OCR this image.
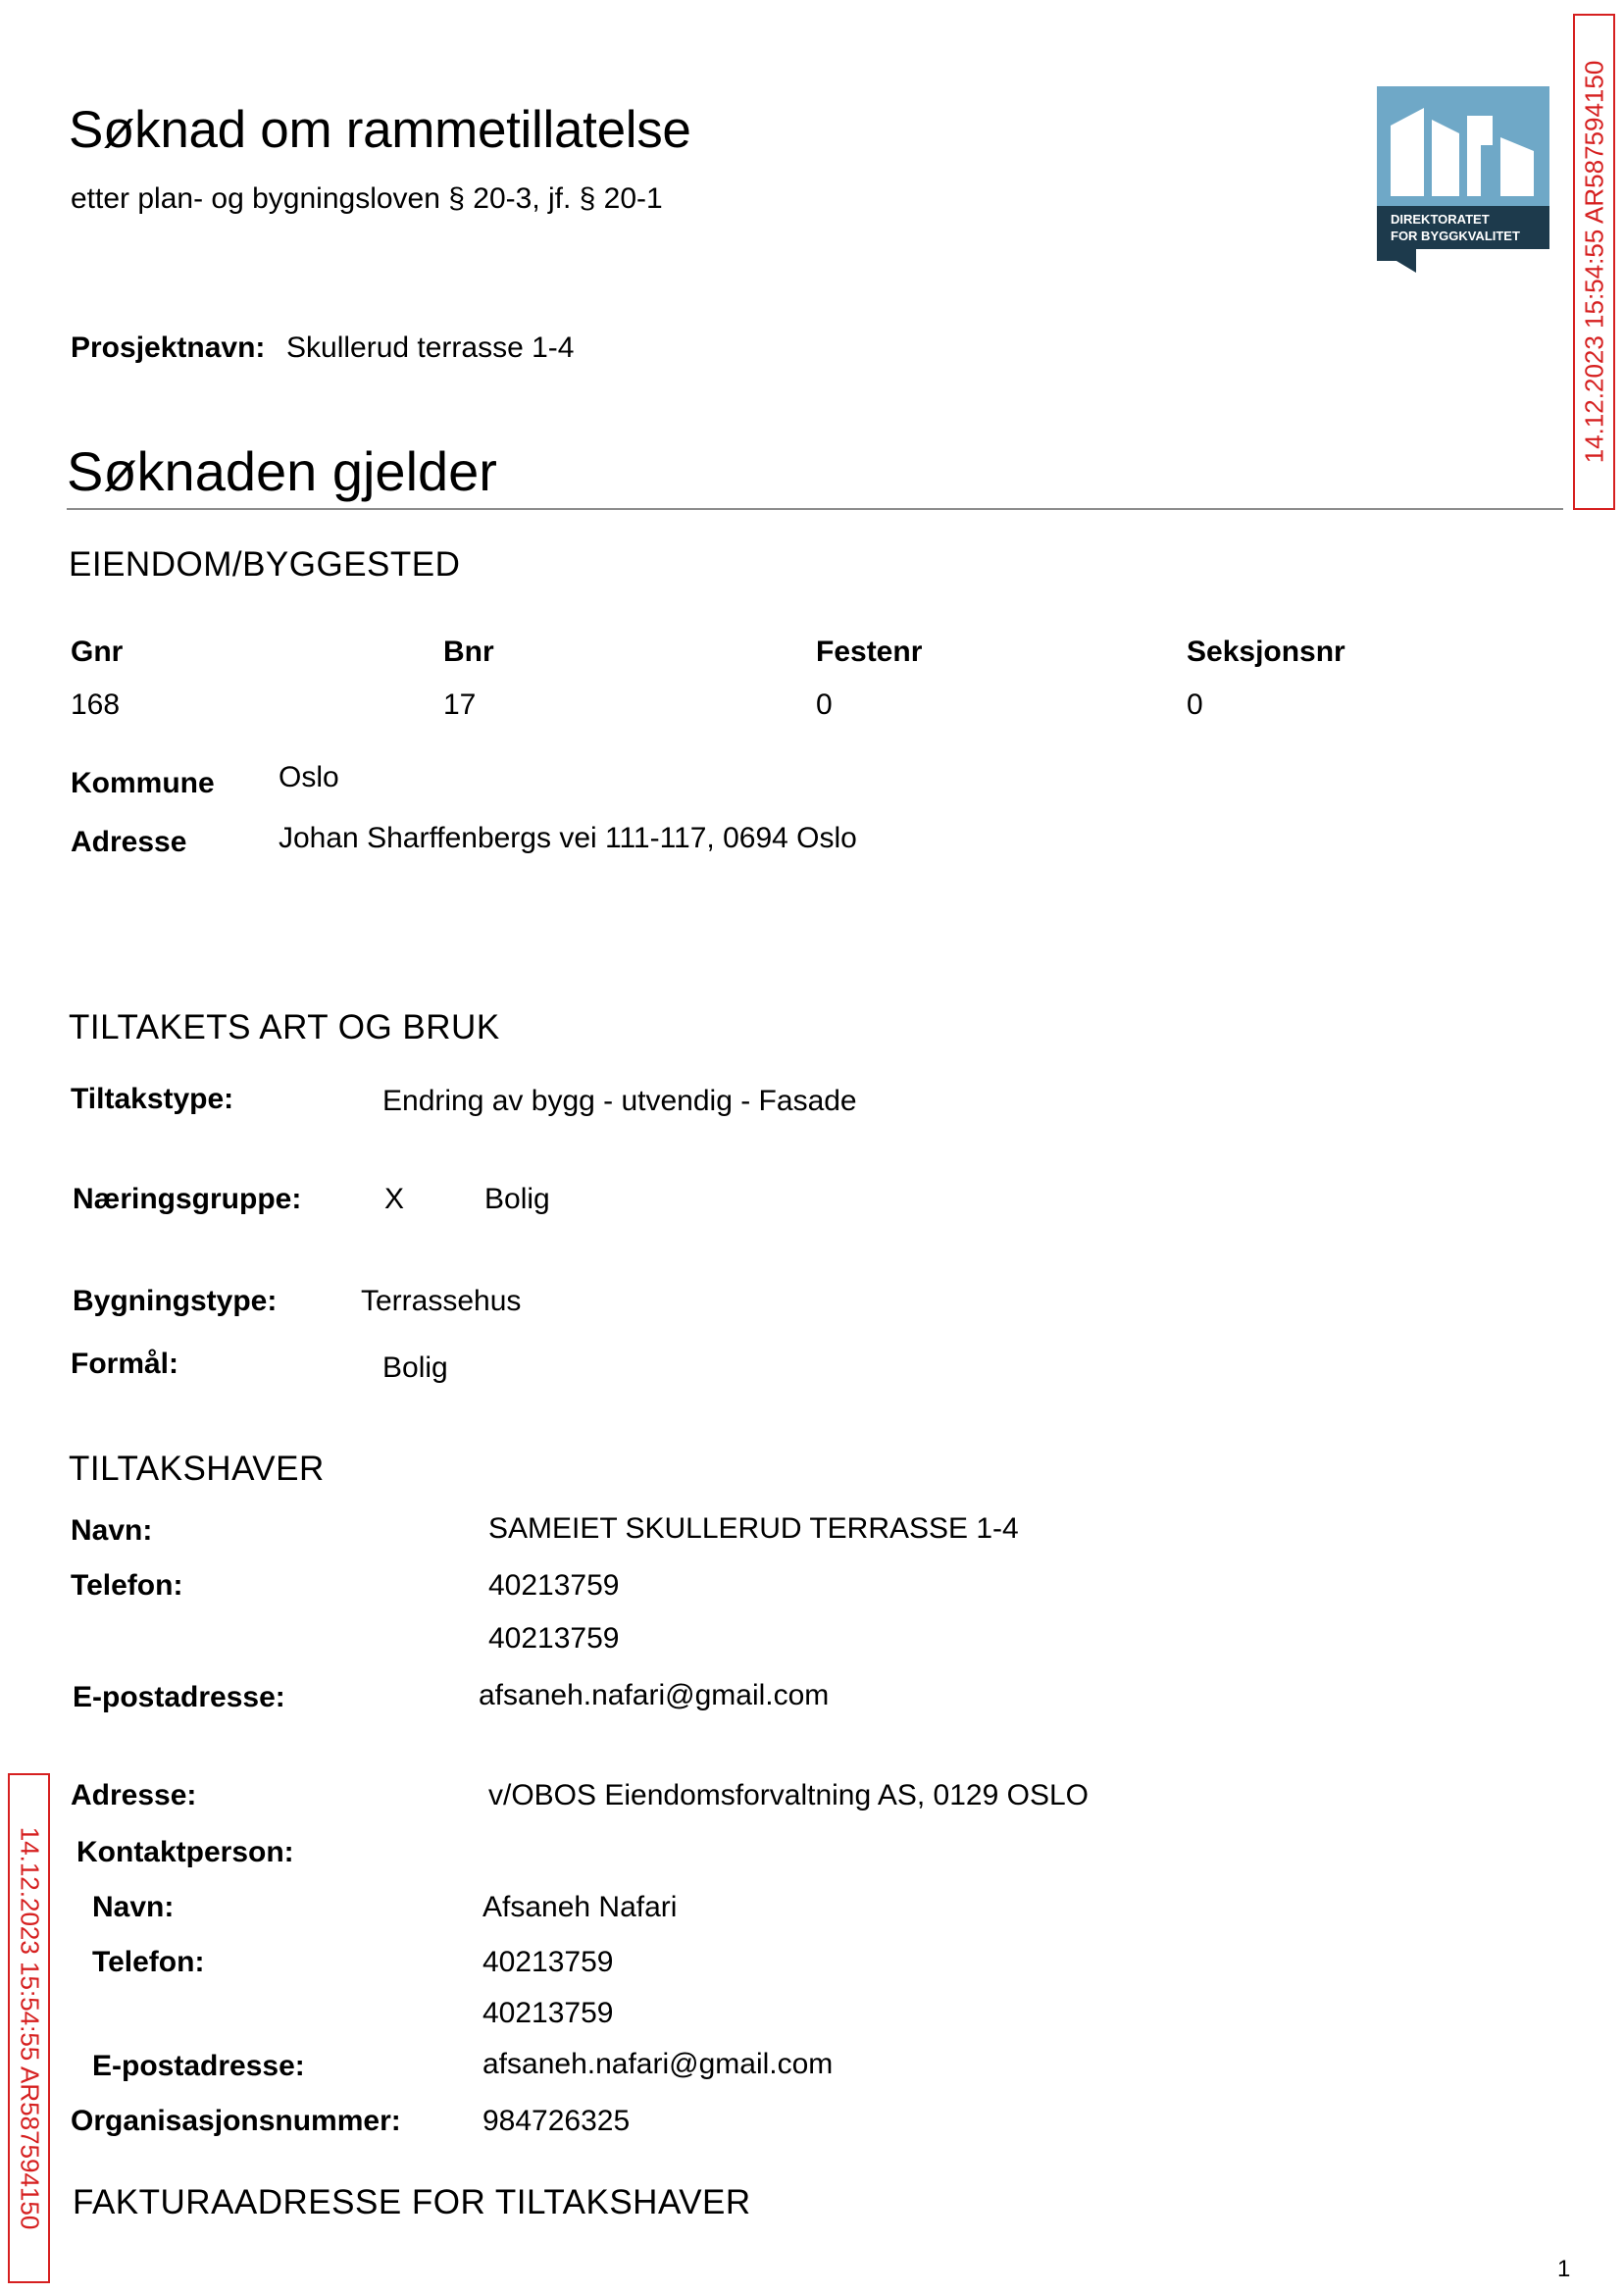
Søknad om rammetillatelse
etter plan- og bygningsloven § 20-3, jf. § 20-1
DIREKTORATET
FOR BYGGKVALITET
Prosjektnavn: Skullerud terrasse 1-4
Søknaden gjelder
EIENDOM/BYGGESTED
Gnr	Bnr	Festenr	Seksjonsnr
168	17	0	0
Kommune Oslo
Adresse	Johan Sharffenbergs vei 111-117, 0694 Oslo
TILTAKETS ART OG BRUK
Tiltakstype:	Endring av bygg - utvendig - Fasade
Næringsgruppe:	X	Bolig
Bygningstype:	Terrassehus
Formål:	Bolig
TILTAKSHAVER
Navn:	SAMEIET SKULLERUD TERRASSE 1-4
Telefon:	40213759
40213759
E-postadresse:	afsaneh.nafari@gmail.com
Adresse:	v/OBOS Eiendomsforvaltning AS, 0129 OSLO
Kontaktperson:
Navn:	Afsaneh Nafari
Telefon:	40213759
40213759
E-postadresse:	afsaneh.nafari@gmail.com
Organisasjonsnummer:	984726325
FAKTURAADRESSE FOR TILTAKSHAVER
14.12.2023 15:54:55 AR587594150
14.12.2023 15:54:55 AR587594150
1
